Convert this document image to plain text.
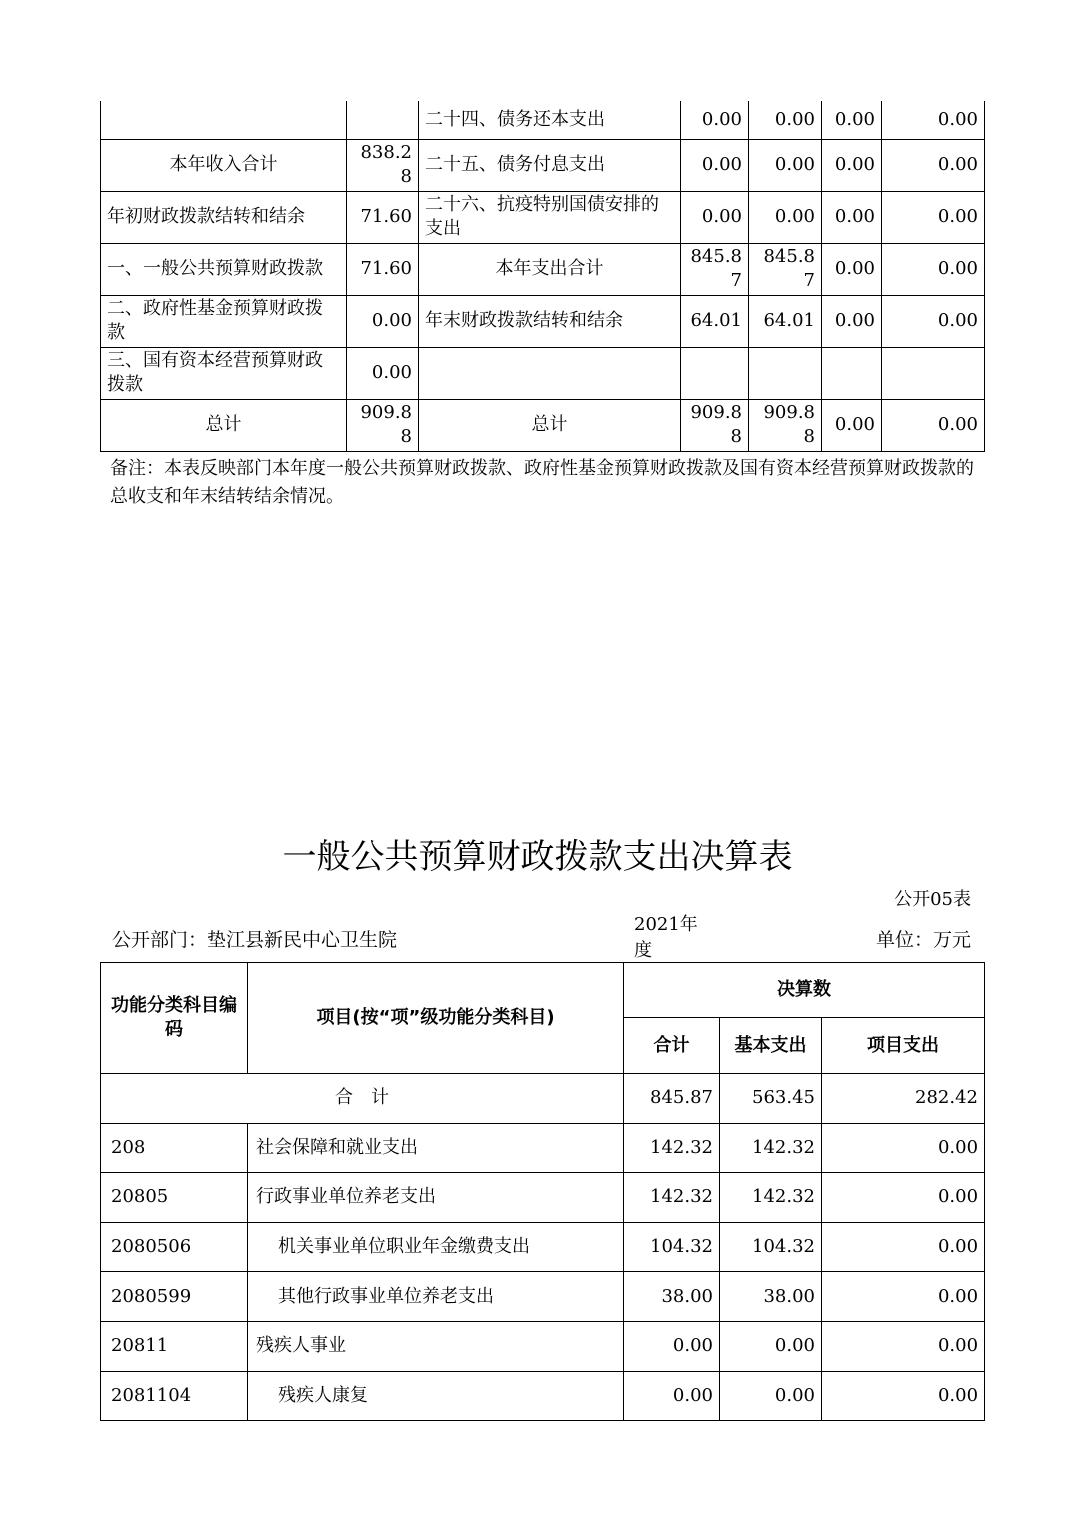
		二十四、债务还本支出	0.00	0.00	0.00	0.00
本年收入合计	838.28	二十五、债务付息支出	0.00	0.00	0.00	0.00
年初财政拨款结转和结余	71.60	二十六、抗疫特别国债安排的支出	0.00	0.00	0.00	0.00
一、一般公共预算财政拨款	71.60	本年支出合计	845.87	845.87	0.00	0.00
二、政府性基金预算财政拨款	0.00	年末财政拨款结转和结余	64.01	64.01	0.00	0.00
三、国有资本经营预算财政拨款	0.00					
总计	909.88	总计	909.88	909.88	0.00	0.00
备注：本表反映部门本年度一般公共预算财政拨款、政府性基金预算财政拨款及国有资本经营预算财政拨款的总收支和年末结转结余情况。
一般公共预算财政拨款支出决算表
公开05表
公开部门：垫江县新民中心卫生院
2021年度	单位：万元
功能分类科目编码	项目(按“项”级功能分类科目)	决算数		
		合计	基本支出	项目支出
合　计		845.87	563.45	282.42
208	社会保障和就业支出	142.32	142.32	0.00
20805	行政事业单位养老支出	142.32	142.32	0.00
2080506	机关事业单位职业年金缴费支出	104.32	104.32	0.00
2080599	其他行政事业单位养老支出	38.00	38.00	0.00
20811	残疾人事业	0.00	0.00	0.00
2081104	残疾人康复	0.00	0.00	0.00
